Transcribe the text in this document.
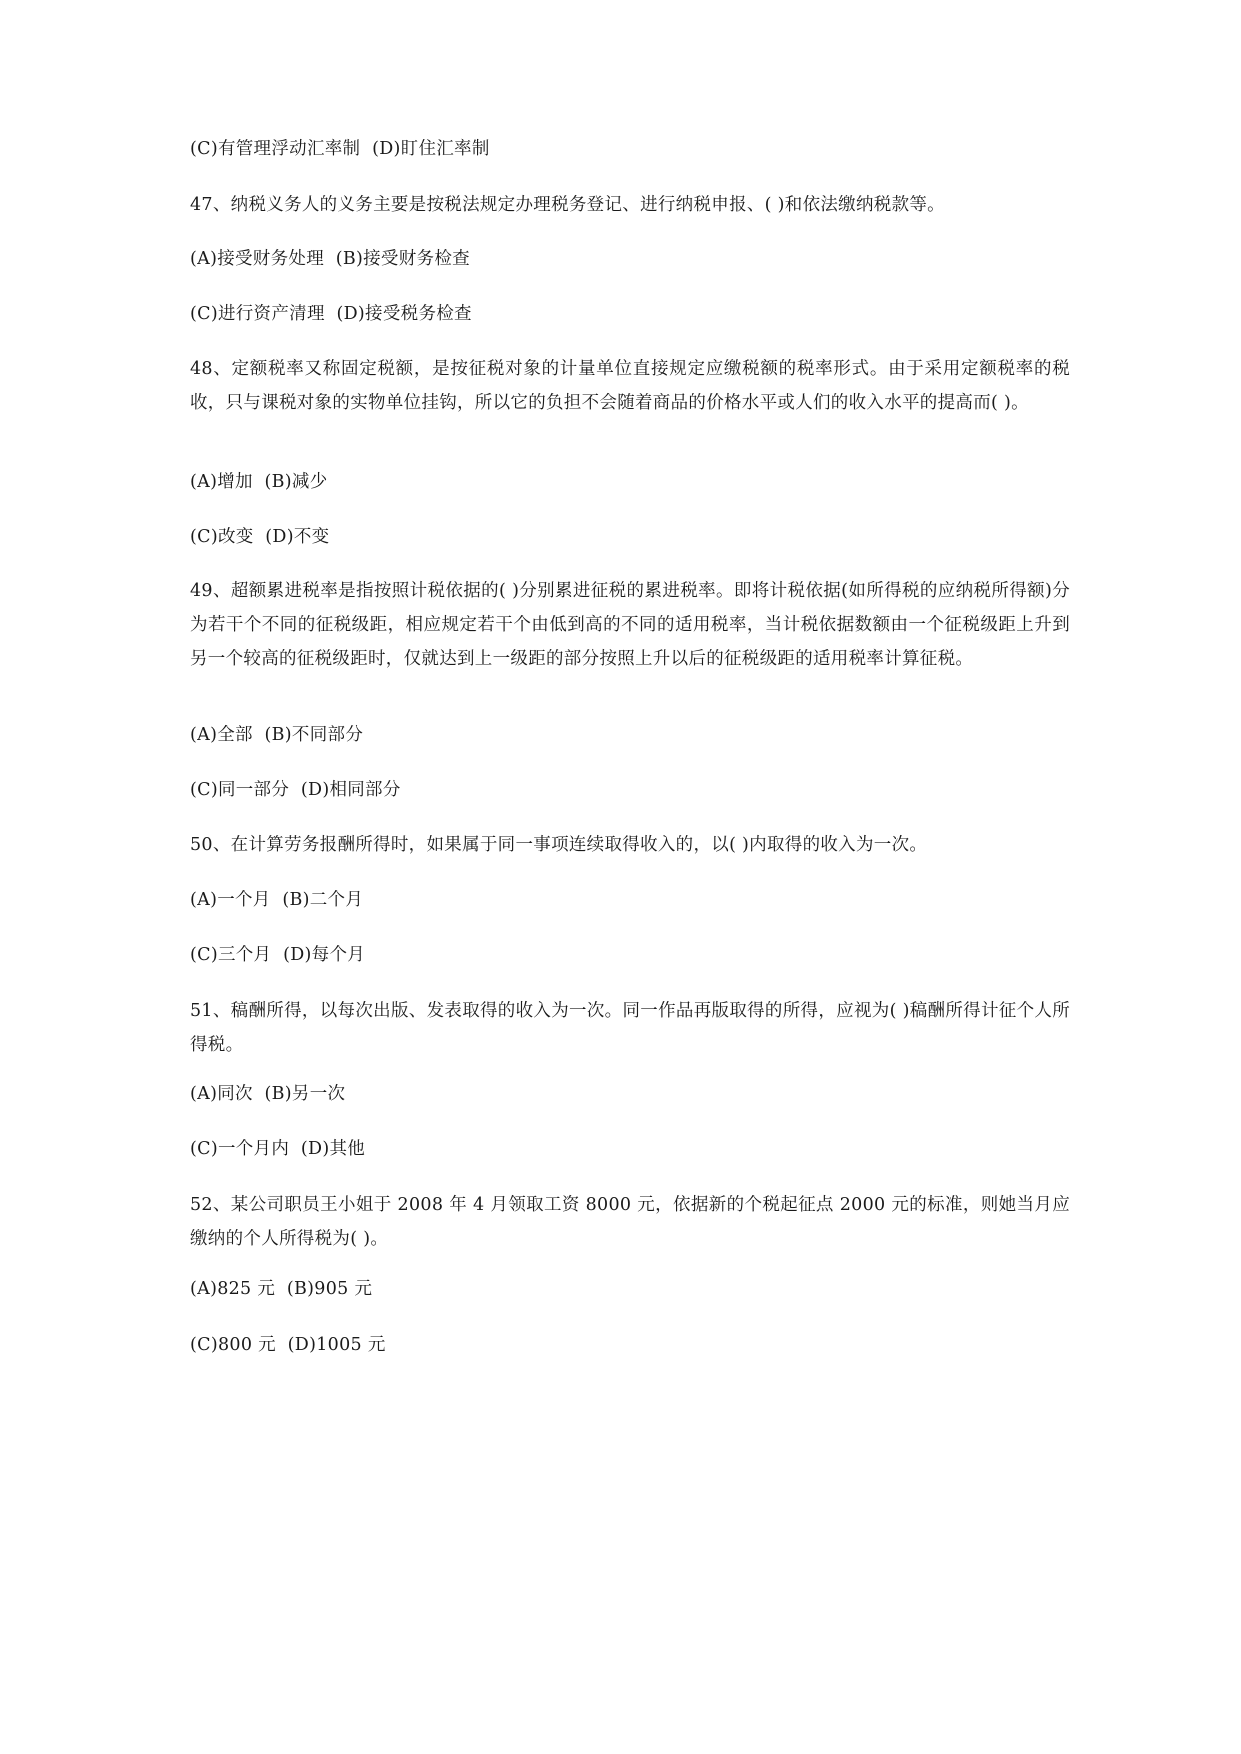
(C)有管理浮动汇率制  (D)盯住汇率制
47、纳税义务人的义务主要是按税法规定办理税务登记、进行纳税申报、( )和依法缴纳税款等。
(A)接受财务处理  (B)接受财务检查
(C)进行资产清理  (D)接受税务检查
48、定额税率又称固定税额，是按征税对象的计量单位直接规定应缴税额的税率形式。由于采用定额税率的税收，只与课税对象的实物单位挂钩，所以它的负担不会随着商品的价格水平或人们的收入水平的提高而( )。
(A)增加  (B)减少
(C)改变  (D)不变
49、超额累进税率是指按照计税依据的( )分别累进征税的累进税率。即将计税依据(如所得税的应纳税所得额)分为若干个不同的征税级距，相应规定若干个由低到高的不同的适用税率，当计税依据数额由一个征税级距上升到另一个较高的征税级距时，仅就达到上一级距的部分按照上升以后的征税级距的适用税率计算征税。
(A)全部  (B)不同部分
(C)同一部分  (D)相同部分
50、在计算劳务报酬所得时，如果属于同一事项连续取得收入的，以( )内取得的收入为一次。
(A)一个月  (B)二个月
(C)三个月  (D)每个月
51、稿酬所得，以每次出版、发表取得的收入为一次。同一作品再版取得的所得，应视为( )稿酬所得计征个人所得税。
(A)同次  (B)另一次
(C)一个月内  (D)其他
52、某公司职员王小姐于 2008 年 4 月领取工资 8000 元，依据新的个税起征点 2000 元的标准，则她当月应缴纳的个人所得税为( )。
(A)825 元  (B)905 元
(C)800 元  (D)1005 元
